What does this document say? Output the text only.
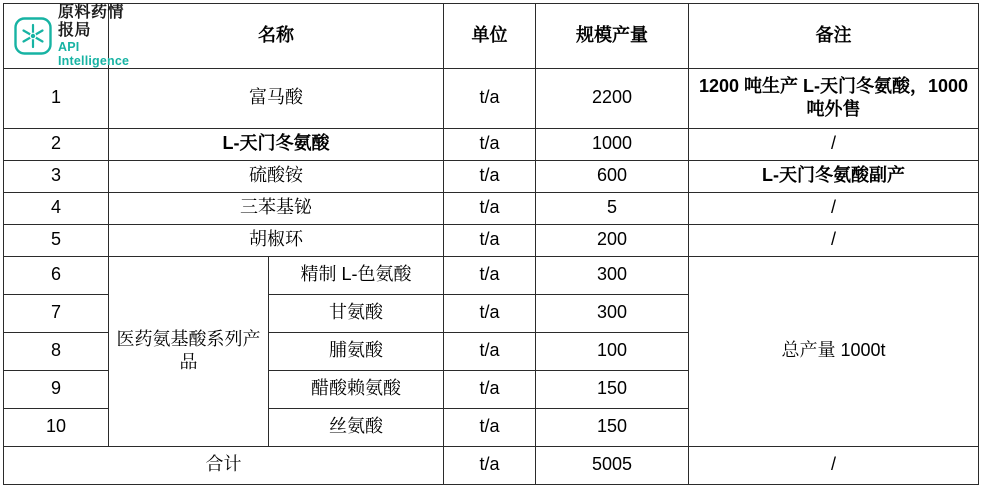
原料药情报局
API Intelligence	名称		单位	规模产量	备注
1	富马酸		t/a	2200	1200 吨生产 L-天门冬氨酸，1000 吨外售
2	L-天门冬氨酸		t/a	1000	/
3	硫酸铵		t/a	600	L-天门冬氨酸副产
4	三苯基铋		t/a	5	/
5	胡椒环		t/a	200	/
6	医药氨基酸系列产品	精制 L-色氨酸	t/a	300	总产量 1000t
7		甘氨酸	t/a	300	
8		脯氨酸	t/a	100	
9		醋酸赖氨酸	t/a	150	
10		丝氨酸	t/a	150	
合计			t/a	5005	/
